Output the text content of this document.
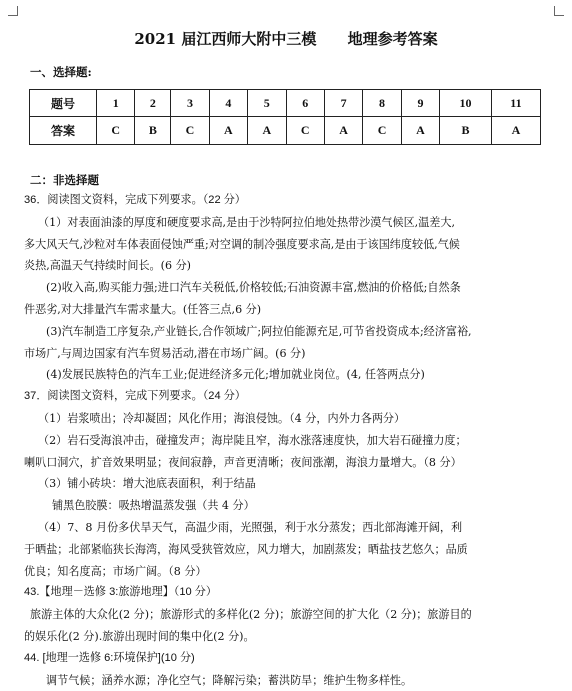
2021 届江西师大附中三模      地理参考答案
一、选择题:
题号	1	2	3	4	5	6	7	8	9	10	11
答案	C	B	C	A	A	C	A	C	A	B	A
二：非选择题

36．阅读图文资料，完成下列要求。（22 分）

（1）对表面油漆的厚度和硬度要求高,是由于沙特阿拉伯地处热带沙漠气候区,温差大,

多大风天气,沙粒对车体表面侵蚀严重;对空调的制冷强度要求高,是由于该国纬度较低,气候

炎热,高温天气持续时间长。(6 分)

(2)收入高,购买能力强;进口汽车关税低,价格较低;石油资源丰富,燃油的价格低;自然条

件恶劣,对大排量汽车需求量大。(任答三点,6 分)

(3)汽车制造工序复杂,产业链长,合作领域广;阿拉伯能源充足,可节省投资成本;经济富裕,

市场广,与周边国家有汽车贸易活动,潜在市场广阔。(6 分)

(4)发展民族特色的汽车工业;促进经济多元化;增加就业岗位。(4, 任答两点分)

37．阅读图文资料，完成下列要求。（24 分）

（1）岩浆喷出；冷却凝固；风化作用；海浪侵蚀。（4 分，内外力各两分）

（2）岩石受海浪冲击，碰撞发声；海岸陡且窄，海水涨落速度快，加大岩石碰撞力度；

喇叭口洞穴，扩音效果明显；夜间寂静，声音更清晰；夜间涨潮，海浪力量增大。（8 分）

（3）铺小砖块：增大池底表面积，利于结晶

铺黑色胶膜：吸热增温蒸发强（共 4 分）

（4）7、8 月份多伏旱天气，高温少雨，光照强，利于水分蒸发；西北部海滩开阔，利

于晒盐；北部紧临狭长海湾，海风受狭管效应，风力增大，加剧蒸发；晒盐技艺悠久；品质

优良；知名度高；市场广阔。（8 分）

43.【地理－选修 3:旅游地理】（10 分）

旅游主体的大众化(2 分)；旅游形式的多样化(2 分)；旅游空间的扩大化（2 分)；旅游目的

的娱乐化(2 分).旅游出现时间的集中化(2 分)。

44. [地理一选修 6:环境保护](10 分)

调节气候；涵养水源；净化空气；降解污染；蓄洪防旱；维护生物多样性。
